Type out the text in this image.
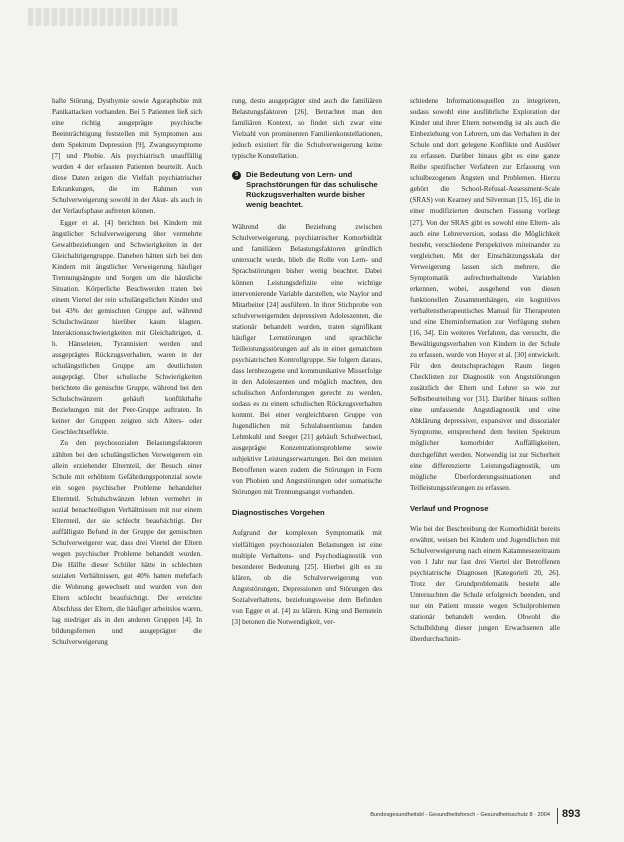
hafte Störung, Dysthymie sowie Agoraphobie mit Panikattacken vorhanden. Bei 5 Patienten ließ sich eine richtig ausgeprägte psychische Beeinträchtigung feststellen mit Symptomen aus dem Spektrum Depression [9], Zwangssymptome [7] und Phobie. Als psychiatrisch unauffällig wurden 4 der erfassten Patienten beurteilt. Auch diese Daten zeigen die Vielfalt psychiatrischer Erkrankungen, die im Rahmen von Schulverweigerung sowohl in der Akut- als auch in der Verlaufsphase auftreten können.

Egger et al. [4] berichten bei Kindern mit ängstlicher Schulverweigerung über vermehrte Gewaltbeziehungen und Schwierigkeiten in der Gleichaltrigengruppe. Daneben hätten sich bei den Kindern mit ängstlicher Verweigerung häufiger Trennungsängste und Sorgen um die häusliche Situation. Körperliche Beschwerden traten bei einem Viertel der rein schulängstlichen Kinder und bei 43% der gemischten Gruppe auf, während Schulschwänzer hierüber kaum klagten. Interaktionsschwierigkeiten mit Gleichaltrigen, d. h. Hänseleien, Tyrannisiert werden und ausgeprägtes Rückzugsverhalten, waren in der schulängstlichen Gruppe am deutlichsten ausgeprägt. Über schulische Schwierigkeiten berichtete die gemischte Gruppe, während bei den Schulschwänzern gehäuft konflikthafte Beziehungen mit der Peer-Gruppe auftraten. In keiner der Gruppen zeigten sich Alters- oder Geschlechtseffekte.

Zu den psychosozialen Belastungsfaktoren zählten bei den schulängstlichen Verweigerern ein allein erziehender Elternteil, der Besuch einer Schule mit erhöhtem Gefährdungspotenzial sowie ein sogen psychischer Probleme behandelter Elternteil. Schulschwänzen lebten vermehrt in sozial benachteiligten Verhältnissen mit nur einem Elternteil, der sie schlecht beaufsichtigt. Der auffälligste Befund in der Gruppe der gemischten Schulverweigerer war, dass drei Viertel der Eltern wegen psychischer Probleme behandelt wurden. Die Hälfte dieser Schüler hätte in schlechten sozialen Verhältnissen, gut 40% hatten mehrfach die Wohnung gewechselt und wurden von den Eltern schlecht beaufsichtigt. Der erreichte Abschluss der Eltern, die häufiger arbeitslos waren, lag niedriger als in den anderen Gruppen [4]. In bildungsfernen und ausgeprägter die Schulverweigerung

rung, desto ausgeprägter sind auch die familiären Belastungsfaktoren [26]. Betrachtet man den familiären Kontext, so findet sich zwar eine Vielzahl von prominenten Familienkonstellationen, jedoch existiert für die Schulverweigerung keine typische Konstellation.

3	Die Bedeutung von Lern- und Sprachstörungen für das schulische Rückzugsverhalten wurde bisher wenig beachtet.

Während die Beziehung zwischen Schulverweigerung, psychiatrischer Komorbidität und familiären Belastungsfaktoren gründlich untersucht wurde, blieb die Rolle von Lern- und Sprachstörungen bisher wenig beachtet. Dabei können Leistungsdefizite eine wichtige intervenierende Variable darstellen, wie Naylor und Mitarbeiter [24] ausführen. In ihrer Stichprobe von schulverweigernden depressiven Adoleszenten, die stationär behandelt wurden, traten signifikant häufiger Lernstörungen und sprachliche Teilleistungsstörungen auf als in einer gematchten psychiatrischen Kontrollgruppe. Sie folgern daraus, dass lernbezogene und kommunikative Misserfolge in den Adoleszenten und möglich machten, den schulischen Anforderungen gerecht zu werden, sodass es zu einem schulischen Rückzugsverhalten kommt. Bei einer vergleichbaren Gruppe von Jugendlichen mit Schulabsentismus fanden Lehmkuhl und Seeger [21] gehäuft Schulwechsel, ausgeprägte Konzentrationsprobleme sowie subjektive Leistungserwartungen. Bei den meisten Betroffenen waren zudem die Störungen in Form von Phobien und Angststörungen oder somatische Störungen mit Trennungsangst vorhanden.

Diagnostisches Vorgehen

Aufgrund der komplexen Symptomatik mit vielfältigen psychosozialen Belastungen ist eine multiple Verhaltens- und Psychodiagnostik von besonderer Bedeutung [25]. Hierbei gilt es zu klären, ob die Schulverweigerung von Angststörungen, Depressionen und Störungen des Sozialverhaltens, beziehungsweise dem Befinden von Egger et al. [4] zu klären. King und Bernstein [3] betonen die Notwendigkeit, ver-

schiedene Informationsquellen zu integrieren, sodass sowohl eine ausführliche Exploration der Kinder und ihrer Eltern notwendig ist als auch die Einbeziehung von Lehrern, um das Verhalten in der Schule und dort gelegene Konflikte und Auslöser zu erfassen. Darüber hinaus gibt es eine ganze Reihe spezifischer Verfahren zur Erfassung von schulbezogenen Ängsten und Problemen. Hierzu gehört die School-Refusal-Assessment-Scale (SRAS) von Kearney und Silverman [15, 16], die in einer modifizierten deutschen Fassung vorliegt [27]. Von der SRAS gibt es sowohl eine Eltern- als auch eine Lehrerversion, sodass die Möglichkeit besteht, verschiedene Perspektiven miteinander zu vergleichen. Mit der Einschätzungsskala der Verweigerung lassen sich mehrere, die Symptomatik aufrechterhaltende Variablen erkennen, wobei, ausgehend von diesen funktionellen Zusammenhängen, ein kognitives verhaltenstherapeutisches Manual für Therapeuten und eine Elterninformation zur Verfügung stehen [16, 34]. Ein weiteres Verfahren, das versucht, die Bewältigungsverhalten von Kindern in der Schule zu erfassen, wurde von Hoyer et al. [30] entwickelt. Für den deutschsprachigen Raum liegen Checklisten zur Diagnostik von Angststörungen zusätzlich der Eltern und Lehrer so wie zur Selbstbeurteilung vor [31]. Darüber hinaus sollten eine umfassende Angstdiagnostik und eine Abklärung depressiver, expansiver und dissozialer Symptome, entsprechend dem breiten Spektrum möglicher komorbider Auffälligkeiten, durchgeführt werden. Notwendig ist zur Sicherheit eine differenzierte Leistungsdiagnostik, um mögliche Überforderungssituationen und Teilleistungsstörungen zu erfassen.

Verlauf und Prognose

Wie bei der Beschreibung der Komorbidität bereits erwähnt, weisen bei Kindern und Jugendlichen mit Schulverweigerung nach einem Katamnesezeitraum von 1 Jahr nur fast drei Viertel der Betroffenen psychiatrische Diagnosen [Kategorieli 20, 26]. Trotz der Grundproblematik besteht alle Untersuchten die Schule erfolgreich beenden, und nur ein Patient musste wegen Schulproblemen stationär behandelt werden. Obwohl die Schulbildung dieser jungen Erwachsenen alle überdurchschnitt-

Bundesgesundheitsbl - Gesundheitsforsch - Gesundheitsschutz 8 · 2004 893
